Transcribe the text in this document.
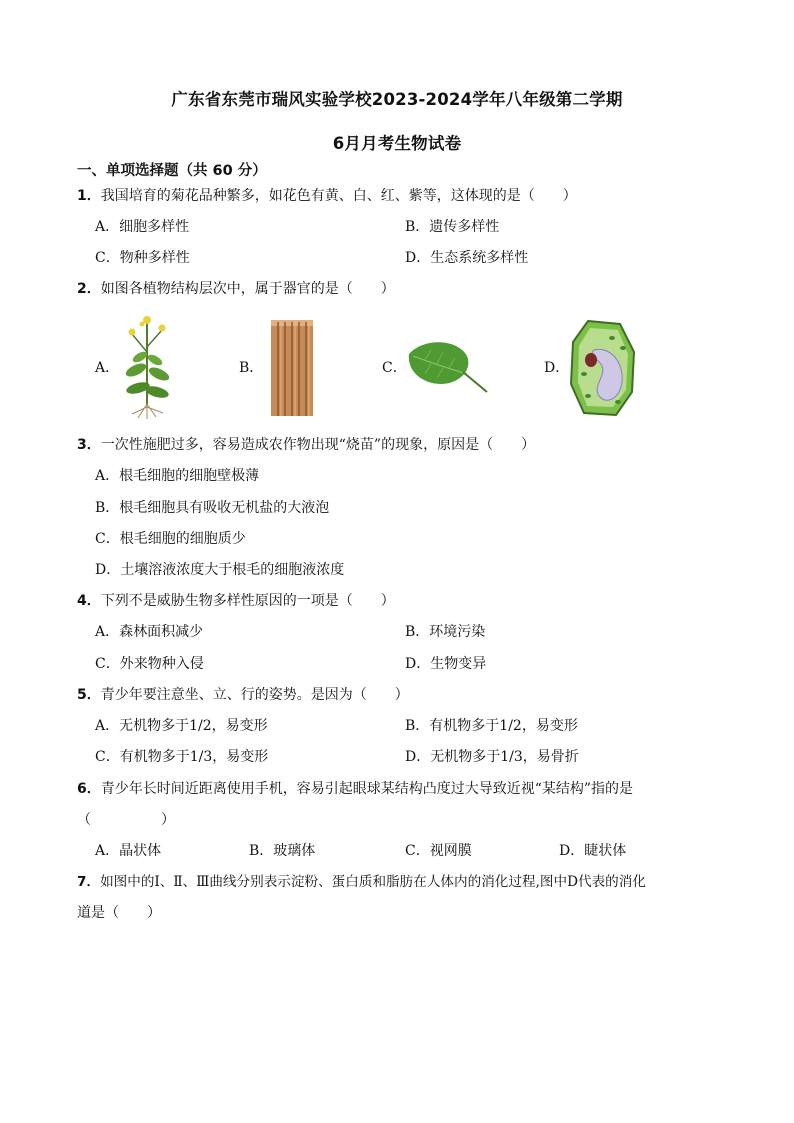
广东省东莞市瑞风实验学校2023-2024学年八年级第二学期
6月月考生物试卷
一、单项选择题（共 60 分）
1．我国培育的菊花品种繁多，如花色有黄、白、红、紫等，这体现的是（　　）
A．细胞多样性	B．遗传多样性
C．物种多样性	D．生态系统多样性
2．如图各植物结构层次中，属于器官的是（　　）
A．	B．	C．	D．
3．一次性施肥过多，容易造成农作物出现“烧苗”的现象，原因是（　　）
A．根毛细胞的细胞壁极薄
B．根毛细胞具有吸收无机盐的大液泡
C．根毛细胞的细胞质少
D．土壤溶液浓度大于根毛的细胞液浓度
4．下列不是威胁生物多样性原因的一项是（　　）
A．森林面积减少	B．环境污染
C．外来物种入侵	D．生物变异
5．青少年要注意坐、立、行的姿势。是因为（　　）
A．无机物多于1/2，易变形	B．有机物多于1/2，易变形
C．有机物多于1/3，易变形	D．无机物多于1/3，易骨折
6．青少年长时间近距离使用手机，容易引起眼球某结构凸度过大导致近视“某结构”指的是
（　　　　　）
A．晶状体	B．玻璃体	C．视网膜	D．睫状体
7．如图中的Ⅰ、Ⅱ、Ⅲ曲线分别表示淀粉、蛋白质和脂肪在人体内的消化过程,图中D代表的消化
道是（　　）
